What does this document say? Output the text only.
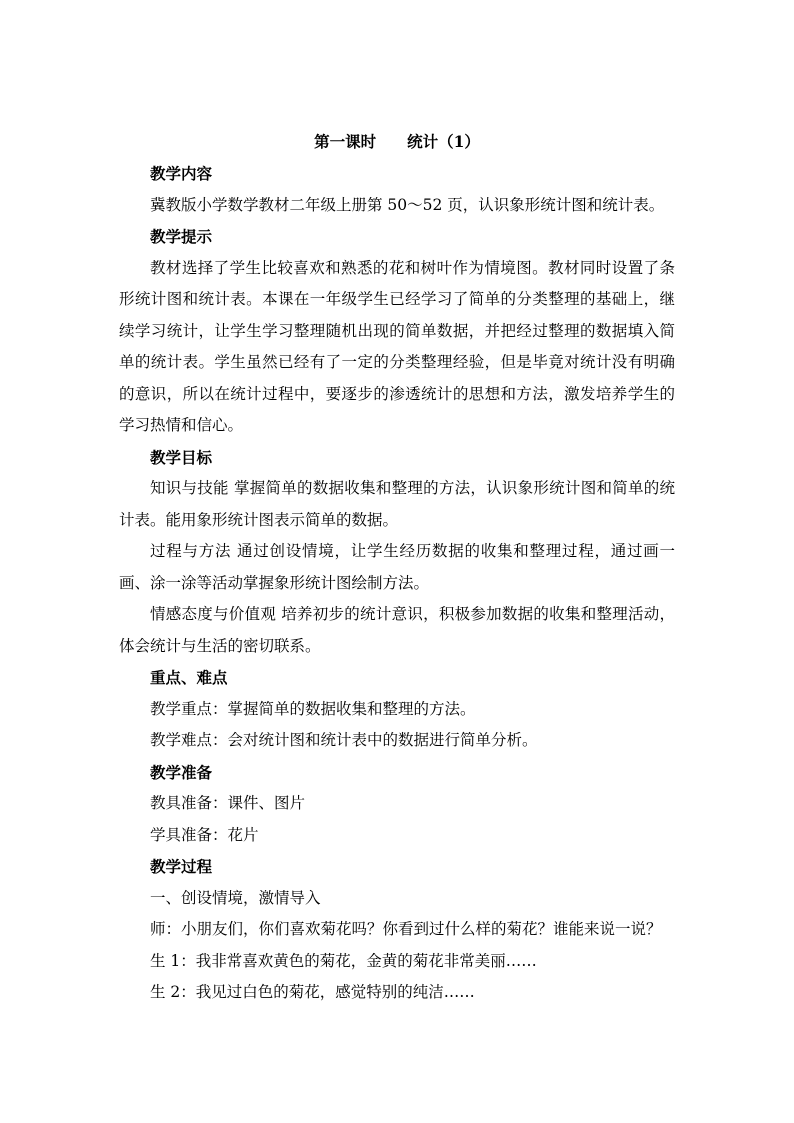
第一课时　　统计（1）
教学内容
冀教版小学数学教材二年级上册第 50～52 页，认识象形统计图和统计表。
教学提示
教材选择了学生比较喜欢和熟悉的花和树叶作为情境图。教材同时设置了条形统计图和统计表。本课在一年级学生已经学习了简单的分类整理的基础上，继续学习统计，让学生学习整理随机出现的简单数据，并把经过整理的数据填入简单的统计表。学生虽然已经有了一定的分类整理经验，但是毕竟对统计没有明确的意识，所以在统计过程中，要逐步的渗透统计的思想和方法，激发培养学生的学习热情和信心。
教学目标
知识与技能 掌握简单的数据收集和整理的方法，认识象形统计图和简单的统计表。能用象形统计图表示简单的数据。
过程与方法 通过创设情境，让学生经历数据的收集和整理过程，通过画一画、涂一涂等活动掌握象形统计图绘制方法。
情感态度与价值观 培养初步的统计意识，积极参加数据的收集和整理活动，体会统计与生活的密切联系。
重点、难点
教学重点：掌握简单的数据收集和整理的方法。
教学难点：会对统计图和统计表中的数据进行简单分析。
教学准备
教具准备：课件、图片
学具准备：花片
教学过程
一、创设情境，激情导入
师：小朋友们，你们喜欢菊花吗？你看到过什么样的菊花？谁能来说一说？
生 1：我非常喜欢黄色的菊花，金黄的菊花非常美丽……
生 2：我见过白色的菊花，感觉特别的纯洁……
